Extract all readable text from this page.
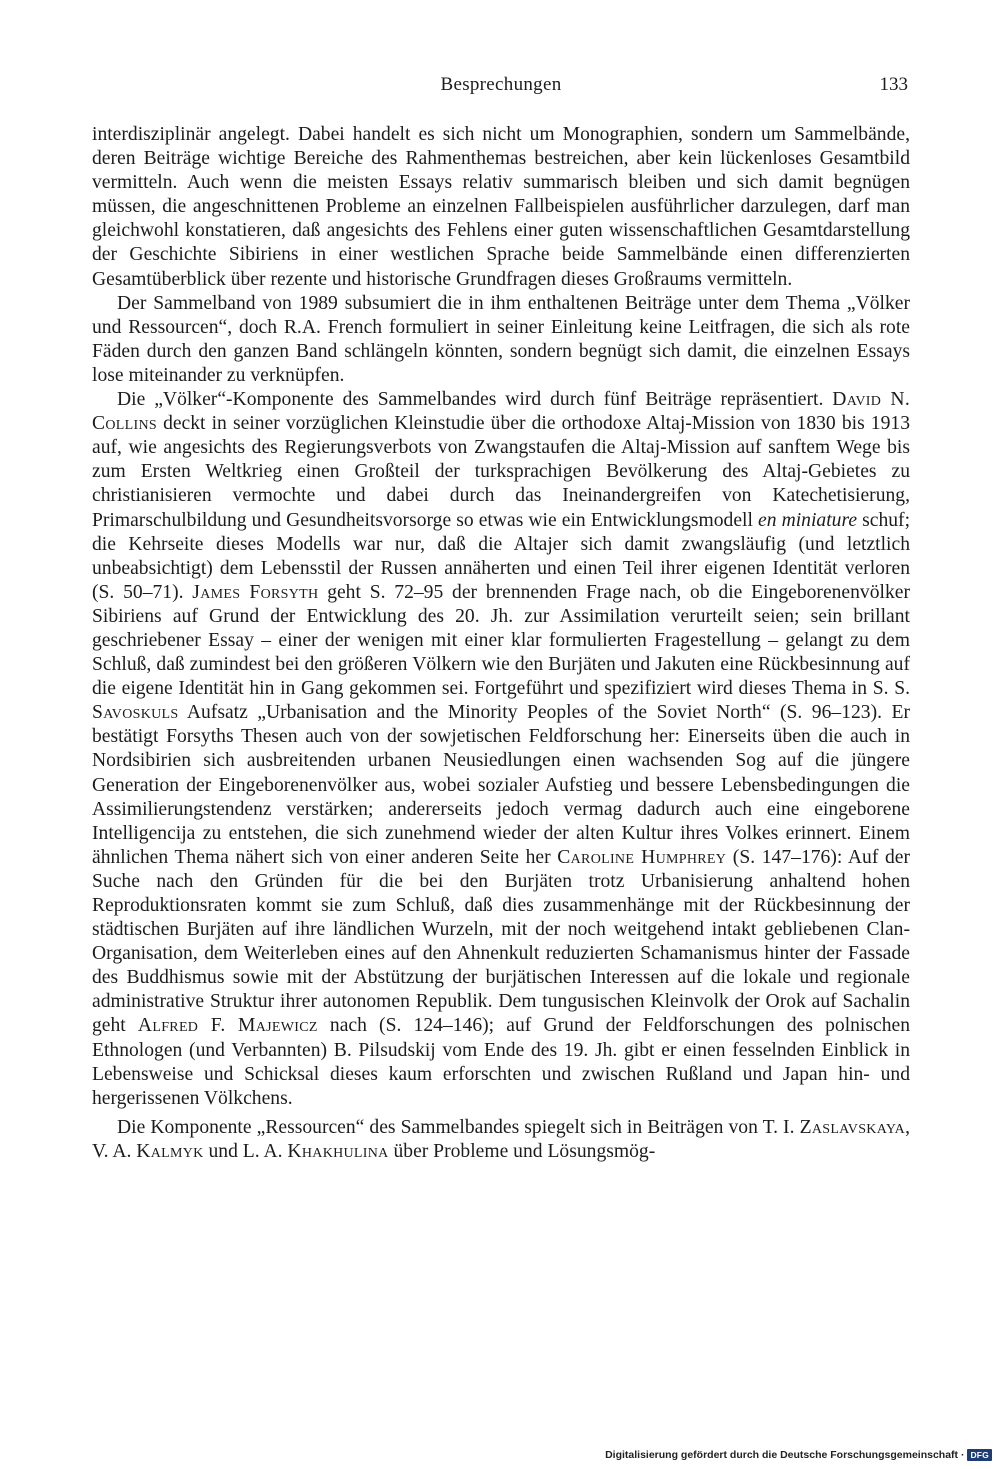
Besprechungen	133

interdisziplinär angelegt. Dabei handelt es sich nicht um Monographien, sondern um Sammelbände, deren Beiträge wichtige Bereiche des Rahmenthemas bestreichen, aber kein lückenloses Gesamtbild vermitteln. Auch wenn die meisten Essays relativ summarisch bleiben und sich damit begnügen müssen, die angeschnittenen Probleme an einzelnen Fallbeispielen ausführlicher darzulegen, darf man gleichwohl konstatieren, daß angesichts des Fehlens einer guten wissenschaftlichen Gesamtdarstellung der Geschichte Sibiriens in einer westlichen Sprache beide Sammelbände einen differenzierten Gesamtüberblick über rezente und historische Grundfragen dieses Großraums vermitteln.

Der Sammelband von 1989 subsumiert die in ihm enthaltenen Beiträge unter dem Thema „Völker und Ressourcen“, doch R.A. French formuliert in seiner Einleitung keine Leitfragen, die sich als rote Fäden durch den ganzen Band schlängeln könnten, sondern begnügt sich damit, die einzelnen Essays lose miteinander zu verknüpfen.

Die „Völker“-Komponente des Sammelbandes wird durch fünf Beiträge repräsentiert. David N. Collins deckt in seiner vorzüglichen Kleinstudie über die orthodoxe Altaj-Mission von 1830 bis 1913 auf, wie angesichts des Regierungsverbots von Zwangstaufen die Altaj-Mission auf sanftem Wege bis zum Ersten Weltkrieg einen Großteil der turksprachigen Bevölkerung des Altaj-Gebietes zu christianisieren vermochte und dabei durch das Ineinandergreifen von Katechetisierung, Primarschulbildung und Gesundheitsvorsorge so etwas wie ein Entwicklungsmodell en miniature schuf; die Kehrseite dieses Modells war nur, daß die Altajer sich damit zwangsläufig (und letztlich unbeabsichtigt) dem Lebensstil der Russen annäherten und einen Teil ihrer eigenen Identität verloren (S. 50–71). James Forsyth geht S. 72–95 der brennenden Frage nach, ob die Eingeborenenvölker Sibiriens auf Grund der Entwicklung des 20. Jh. zur Assimilation verurteilt seien; sein brillant geschriebener Essay – einer der wenigen mit einer klar formulierten Fragestellung – gelangt zu dem Schluß, daß zumindest bei den größeren Völkern wie den Burjäten und Jakuten eine Rückbesinnung auf die eigene Identität hin in Gang gekommen sei. Fortgeführt und spezifiziert wird dieses Thema in S. S. Savoskuls Aufsatz „Urbanisation and the Minority Peoples of the Soviet North“ (S. 96–123). Er bestätigt Forsyths Thesen auch von der sowjetischen Feldforschung her: Einerseits üben die auch in Nordsibirien sich ausbreitenden urbanen Neusiedlungen einen wachsenden Sog auf die jüngere Generation der Eingeborenenvölker aus, wobei sozialer Aufstieg und bessere Lebensbedingungen die Assimilierungstendenz verstärken; andererseits jedoch vermag dadurch auch eine eingeborene Intelligencija zu entstehen, die sich zunehmend wieder der alten Kultur ihres Volkes erinnert. Einem ähnlichen Thema nähert sich von einer anderen Seite her Caroline Humphrey (S. 147–176): Auf der Suche nach den Gründen für die bei den Burjäten trotz Urbanisierung anhaltend hohen Reproduktionsraten kommt sie zum Schluß, daß dies zusammenhänge mit der Rückbesinnung der städtischen Burjäten auf ihre ländlichen Wurzeln, mit der noch weitgehend intakt gebliebenen Clan-Organisation, dem Weiterleben eines auf den Ahnenkult reduzierten Schamanismus hinter der Fassade des Buddhismus sowie mit der Abstützung der burjätischen Interessen auf die lokale und regionale administrative Struktur ihrer autonomen Republik. Dem tungusischen Kleinvolk der Orok auf Sachalin geht Alfred F. Majewicz nach (S. 124–146); auf Grund der Feldforschungen des polnischen Ethnologen (und Verbannten) B. Pilsudskij vom Ende des 19. Jh. gibt er einen fesselnden Einblick in Lebensweise und Schicksal dieses kaum erforschten und zwischen Rußland und Japan hin- und hergerissenen Völkchens.

Die Komponente „Ressourcen“ des Sammelbandes spiegelt sich in Beiträgen von T. I. Zaslavskaya, V. A. Kalmyk und L. A. Khakhulina über Probleme und Lösungsmög-

Digitalisierung gefördert durch die Deutsche Forschungsgemeinschaft · DFG
